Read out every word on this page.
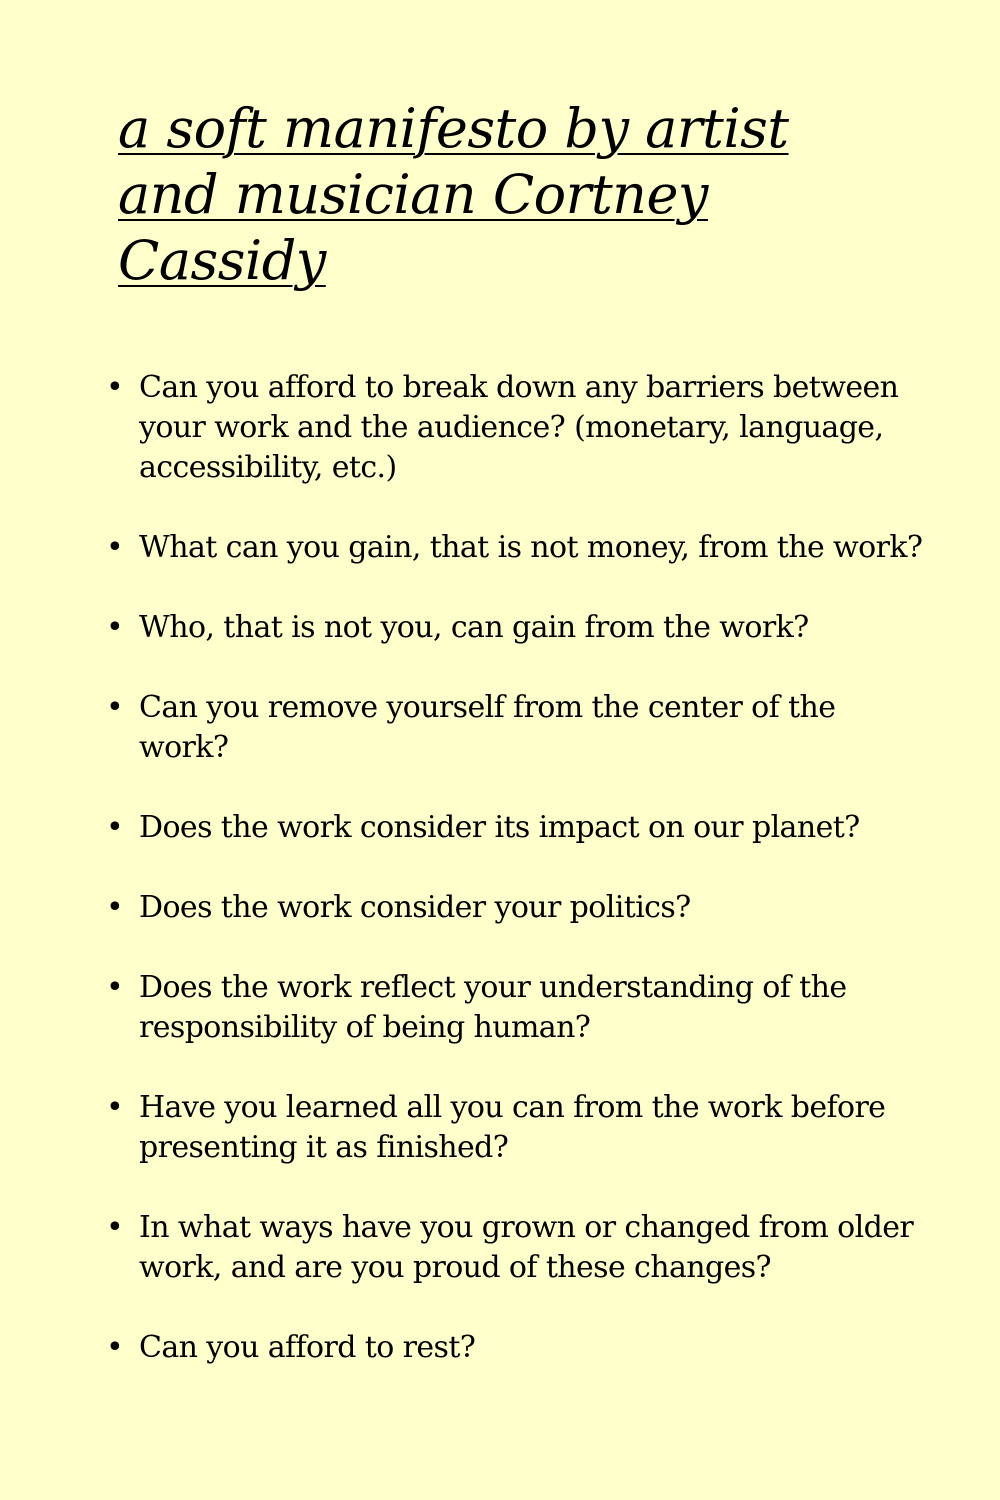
a soft manifesto by artist and musician Cortney Cassidy
• Can you afford to break down any barriers between your work and the audience? (monetary, language, accessibility, etc.)
• What can you gain, that is not money, from the work?
• Who, that is not you, can gain from the work?
• Can you remove yourself from the center of the work?
• Does the work consider its impact on our planet?
• Does the work consider your politics?
• Does the work reflect your understanding of the responsibility of being human?
• Have you learned all you can from the work before presenting it as finished?
• In what ways have you grown or changed from older work, and are you proud of these changes?
• Can you afford to rest?
